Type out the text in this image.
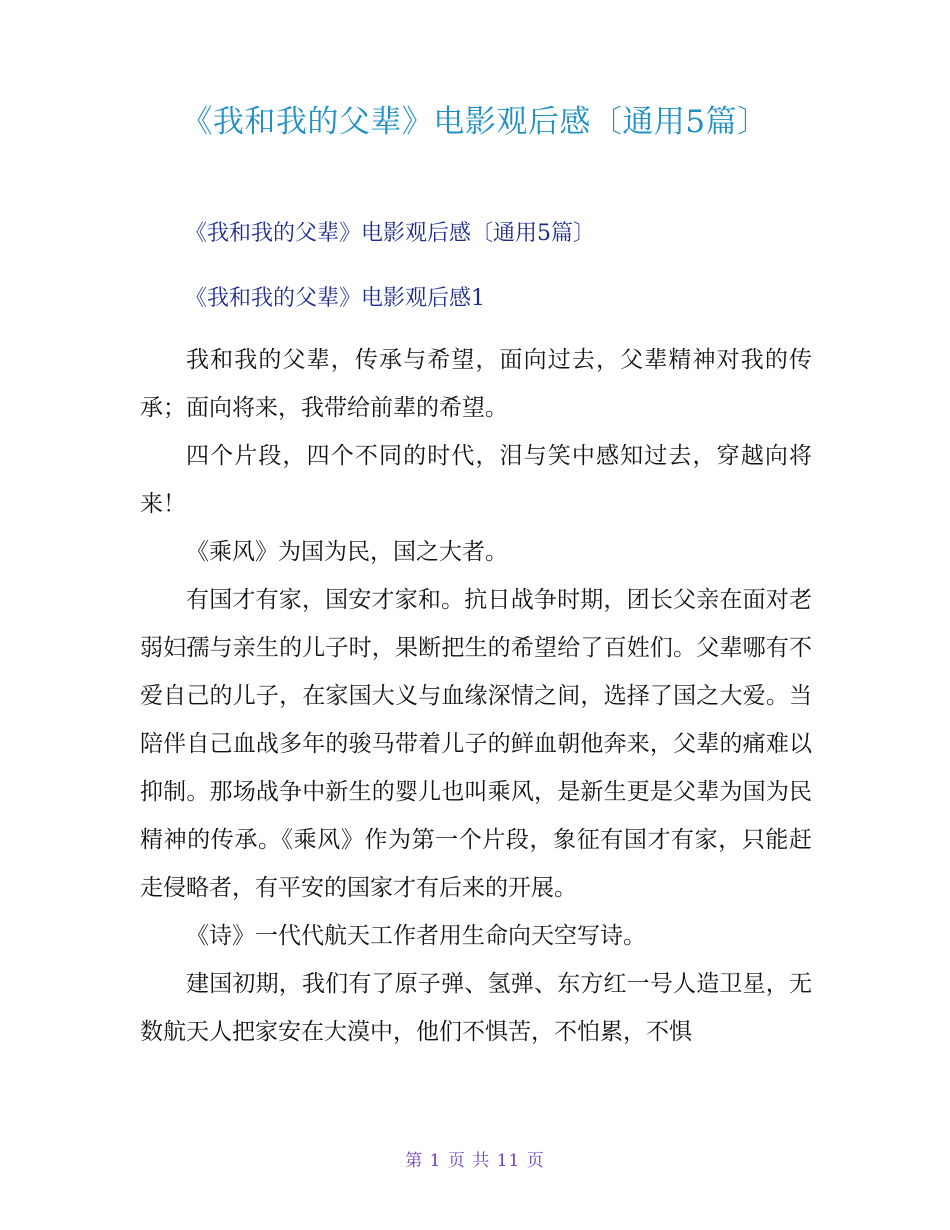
《我和我的父辈》电影观后感〔通用5篇〕
《我和我的父辈》电影观后感〔通用5篇〕
《我和我的父辈》电影观后感1

我和我的父辈，传承与希望，面向过去，父辈精神对我的传承；面向将来，我带给前辈的希望。

四个片段，四个不同的时代，泪与笑中感知过去，穿越向将来！

《乘风》为国为民，国之大者。

有国才有家，国安才家和。抗日战争时期，团长父亲在面对老弱妇孺与亲生的儿子时，果断把生的希望给了百姓们。父辈哪有不爱自己的儿子，在家国大义与血缘深情之间，选择了国之大爱。当陪伴自己血战多年的骏马带着儿子的鲜血朝他奔来，父辈的痛难以抑制。那场战争中新生的婴儿也叫乘风，是新生更是父辈为国为民精神的传承。《乘风》作为第一个片段，象征有国才有家，只能赶走侵略者，有平安的国家才有后来的开展。

《诗》一代代航天工作者用生命向天空写诗。

建国初期，我们有了原子弹、氢弹、东方红一号人造卫星，无数航天人把家安在大漠中，他们不惧苦，不怕累，不惧

第 1 页 共 11 页
